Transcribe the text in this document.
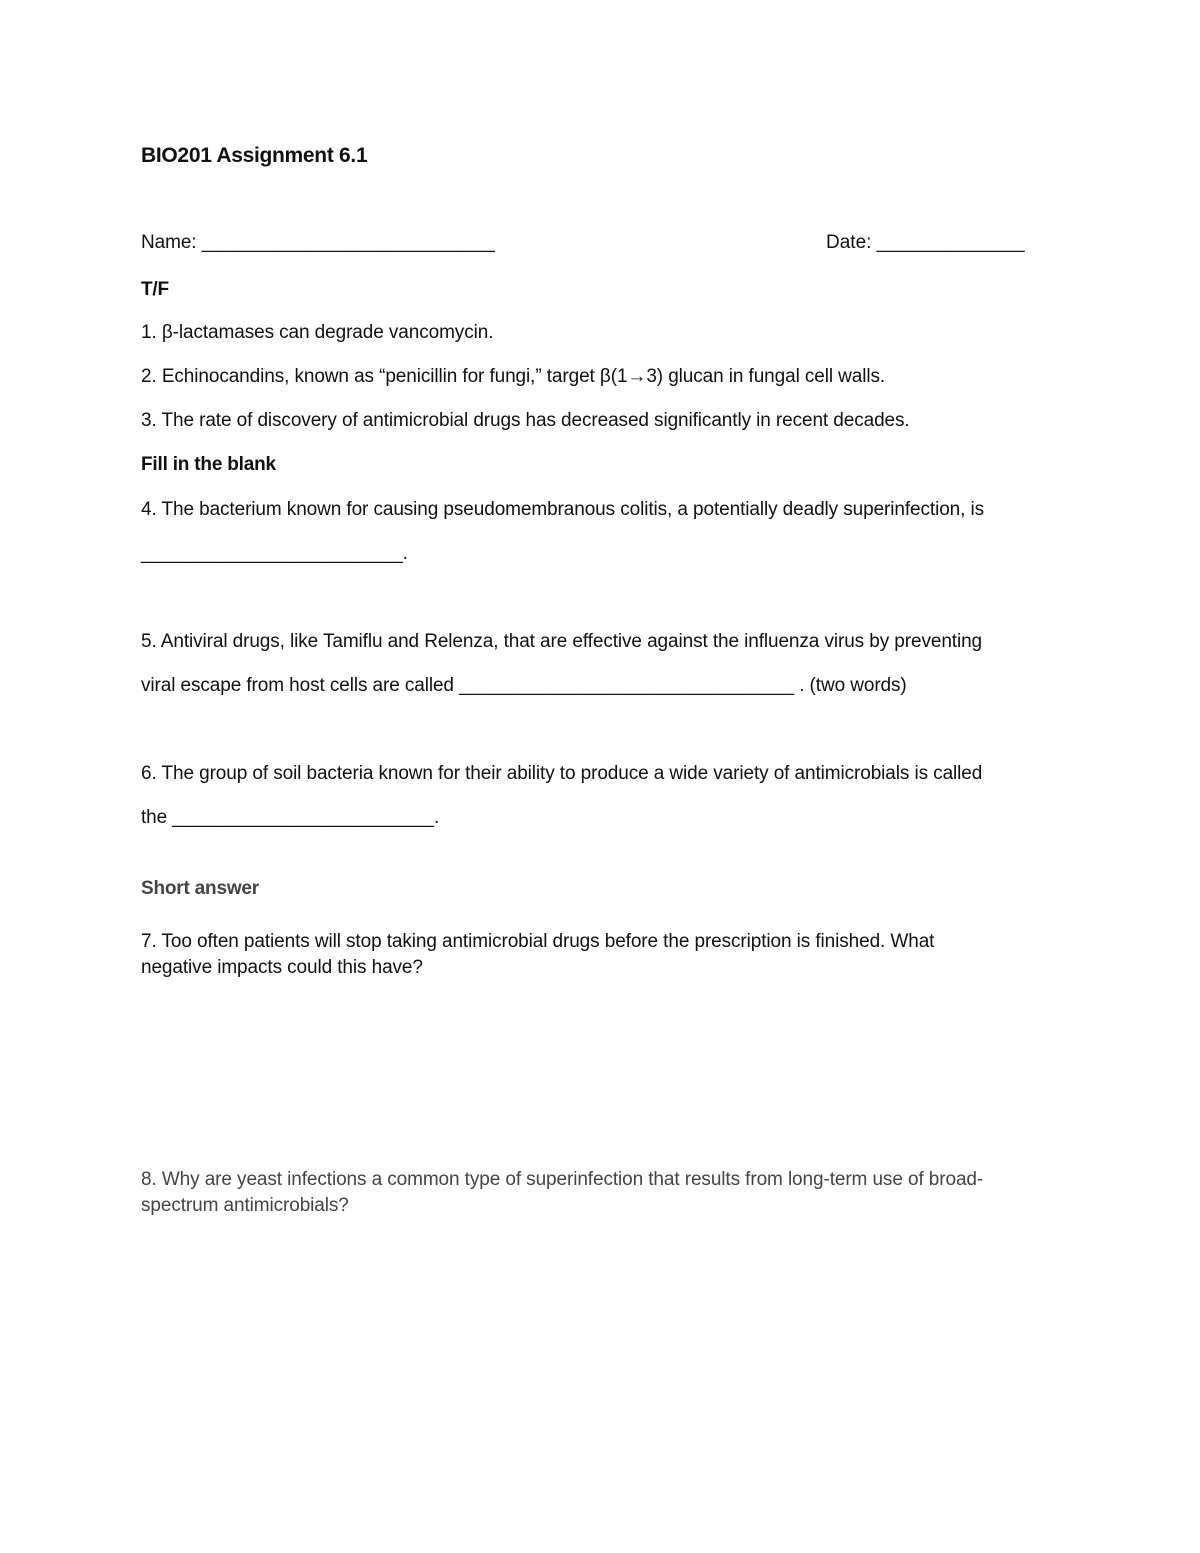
BIO201 Assignment 6.1
Name: ____________________________	Date: ______________
T/F
1. β-lactamases can degrade vancomycin.
2. Echinocandins, known as “penicillin for fungi,” target β(1→3) glucan in fungal cell walls.
3. The rate of discovery of antimicrobial drugs has decreased significantly in recent decades.
Fill in the blank
4. The bacterium known for causing pseudomembranous colitis, a potentially deadly superinfection, is
_________________________.
5. Antiviral drugs, like Tamiflu and Relenza, that are effective against the influenza virus by preventing
viral escape from host cells are called ________________________________ . (two words)
6. The group of soil bacteria known for their ability to produce a wide variety of antimicrobials is called
the _________________________.
Short answer
7. Too often patients will stop taking antimicrobial drugs before the prescription is finished. What
negative impacts could this have?
8. Why are yeast infections a common type of superinfection that results from long-term use of broad-
spectrum antimicrobials?
